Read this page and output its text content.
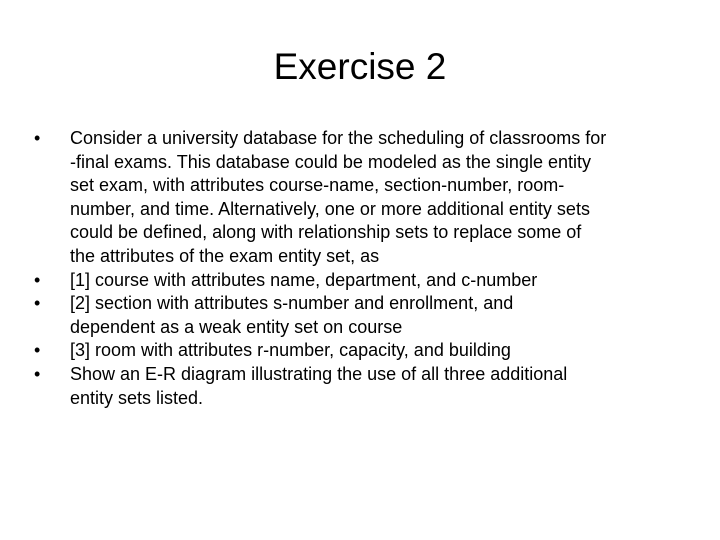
Exercise 2
•	Consider a university database for the scheduling of classrooms for
‑final exams. This database could be modeled as the single entity
set exam, with attributes course-name, section-number, room-
number, and time. Alternatively, one or more additional entity sets
could be defined, along with relationship sets to replace some of
the attributes of the exam entity set, as
•	[1] course with attributes name, department, and c-number
•	[2] section with attributes s-number and enrollment, and
dependent as a weak entity set on course
•	[3] room with attributes r-number, capacity, and building
•	Show an E-R diagram illustrating the use of all three additional
entity sets listed.
